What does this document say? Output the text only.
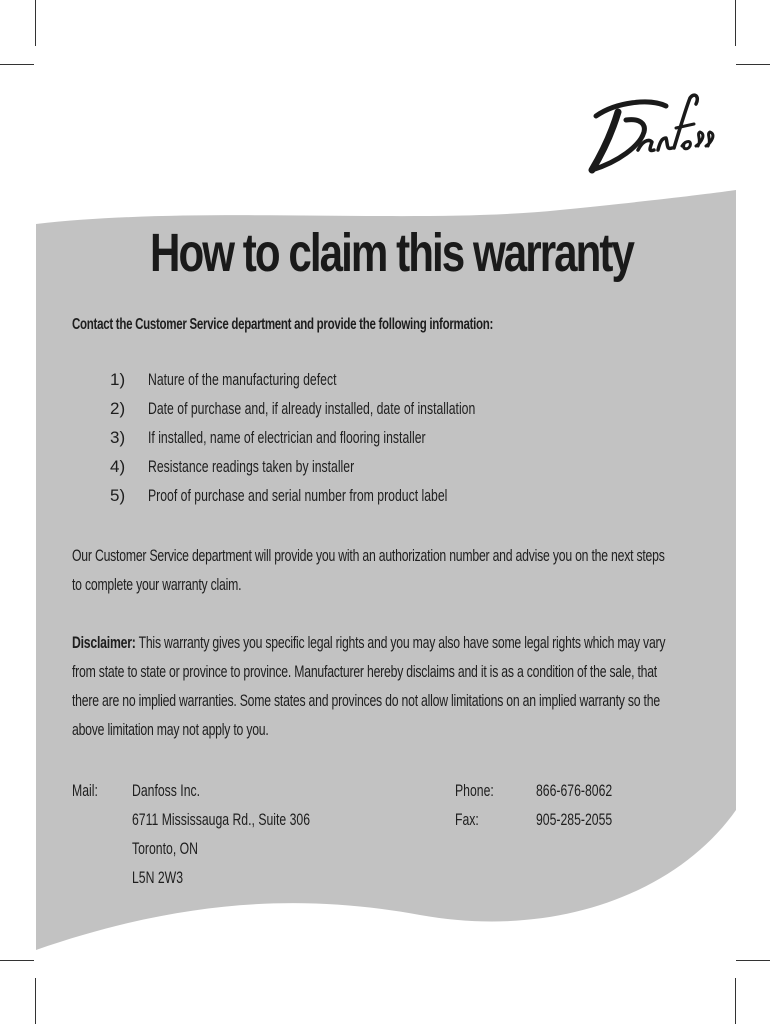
How to claim this warranty
Contact the Customer Service department and provide the following information:
1) Nature of the manufacturing defect
2) Date of purchase and, if already installed, date of installation
3) If installed, name of electrician and flooring installer
4) Resistance readings taken by installer
5) Proof of purchase and serial number from product label
Our Customer Service department will provide you with an authorization number and advise you on the next steps
to complete your warranty claim.
Disclaimer: This warranty gives you specific legal rights and you may also have some legal rights which may vary
from state to state or province to province. Manufacturer hereby disclaims and it is as a condition of the sale, that
there are no implied warranties. Some states and provinces do not allow limitations on an implied warranty so the
above limitation may not apply to you.
Mail: Danfoss Inc.
6711 Mississauga Rd., Suite 306
Toronto, ON
L5N 2W3
Phone: 866-676-8062
Fax:	905-285-2055
